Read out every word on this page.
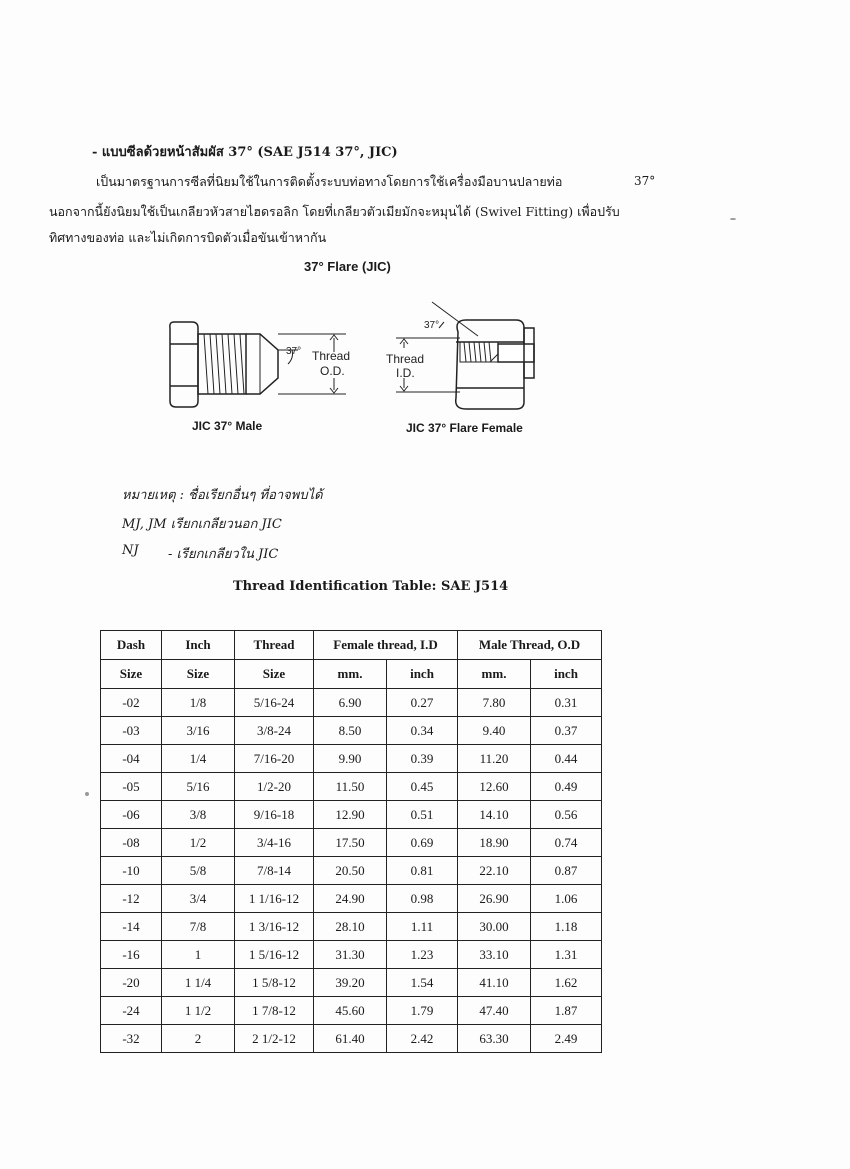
- แบบซีลด้วยหน้าสัมผัส 37° (SAE J514 37°, JIC)
เป็นมาตรฐานการซีลที่นิยมใช้ในการติดตั้งระบบท่อทางโดยการใช้เครื่องมือบานปลายท่อ	37°
นอกจากนี้ยังนิยมใช้เป็นเกลียวหัวสายไฮดรอลิก โดยที่เกลียวตัวเมียมักจะหมุนได้ (Swivel Fitting) เพื่อปรับ
ทิศทางของท่อ และไม่เกิดการบิดตัวเมื่อขันเข้าหากัน
37° Flare (JIC)
37° Thread
O.D.
37°
Thread
I.D.
JIC 37° Male	JIC 37° Flare Female
หมายเหตุ : ชื่อเรียกอื่นๆ ที่อาจพบได้
MJ, JM เรียกเกลียวนอก JIC
NJ - เรียกเกลียวใน JIC
Thread Identification Table: SAE J514
Dash	Inch	Thread	Female thread, I.D		Male Thread, O.D	
Size	Size	Size	mm.	inch	mm.	inch
-02	1/8	5/16-24	6.90	0.27	7.80	0.31
-03	3/16	3/8-24	8.50	0.34	9.40	0.37
-04	1/4	7/16-20	9.90	0.39	11.20	0.44
-05	5/16	1/2-20	11.50	0.45	12.60	0.49
-06	3/8	9/16-18	12.90	0.51	14.10	0.56
-08	1/2	3/4-16	17.50	0.69	18.90	0.74
-10	5/8	7/8-14	20.50	0.81	22.10	0.87
-12	3/4	1 1/16-12	24.90	0.98	26.90	1.06
-14	7/8	1 3/16-12	28.10	1.11	30.00	1.18
-16	1	1 5/16-12	31.30	1.23	33.10	1.31
-20	1 1/4	1 5/8-12	39.20	1.54	41.10	1.62
-24	1 1/2	1 7/8-12	45.60	1.79	47.40	1.87
-32	2	2 1/2-12	61.40	2.42	63.30	2.49
